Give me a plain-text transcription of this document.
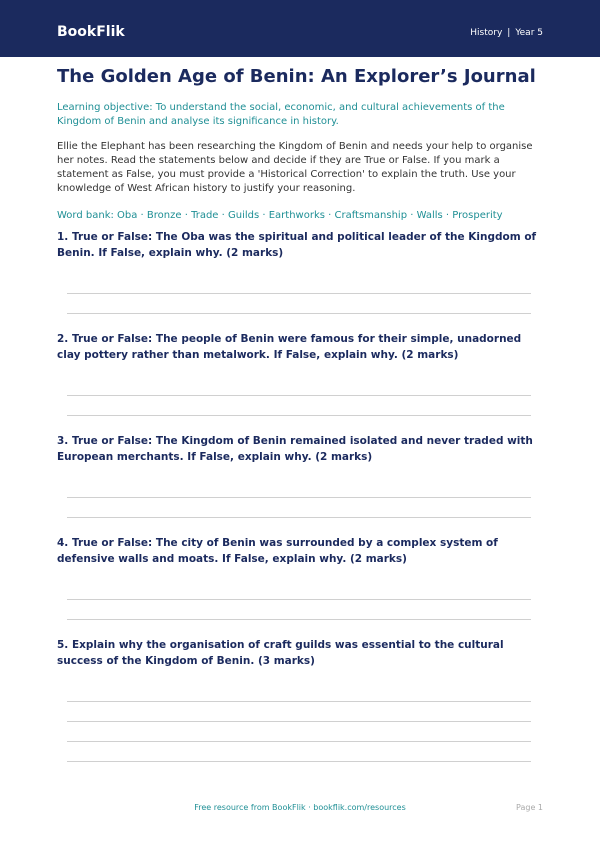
BookFlik	History | Year 5
The Golden Age of Benin: An Explorer’s Journal

Learning objective: To understand the social, economic, and cultural achievements of the Kingdom of Benin and analyse its significance in history.

Ellie the Elephant has been researching the Kingdom of Benin and needs your help to organise her notes. Read the statements below and decide if they are True or False. If you mark a statement as False, you must provide a 'Historical Correction' to explain the truth. Use your knowledge of West African history to justify your reasoning.

Word bank: Oba · Bronze · Trade · Guilds · Earthworks · Craftsmanship · Walls · Prosperity

1. True or False: The Oba was the spiritual and political leader of the Kingdom of Benin. If False, explain why. (2 marks)
2. True or False: The people of Benin were famous for their simple, unadorned clay pottery rather than metalwork. If False, explain why. (2 marks)
3. True or False: The Kingdom of Benin remained isolated and never traded with European merchants. If False, explain why. (2 marks)
4. True or False: The city of Benin was surrounded by a complex system of defensive walls and moats. If False, explain why. (2 marks)
5. Explain why the organisation of craft guilds was essential to the cultural success of the Kingdom of Benin. (3 marks)
Free resource from BookFlik · bookflik.com/resources	Page 1
